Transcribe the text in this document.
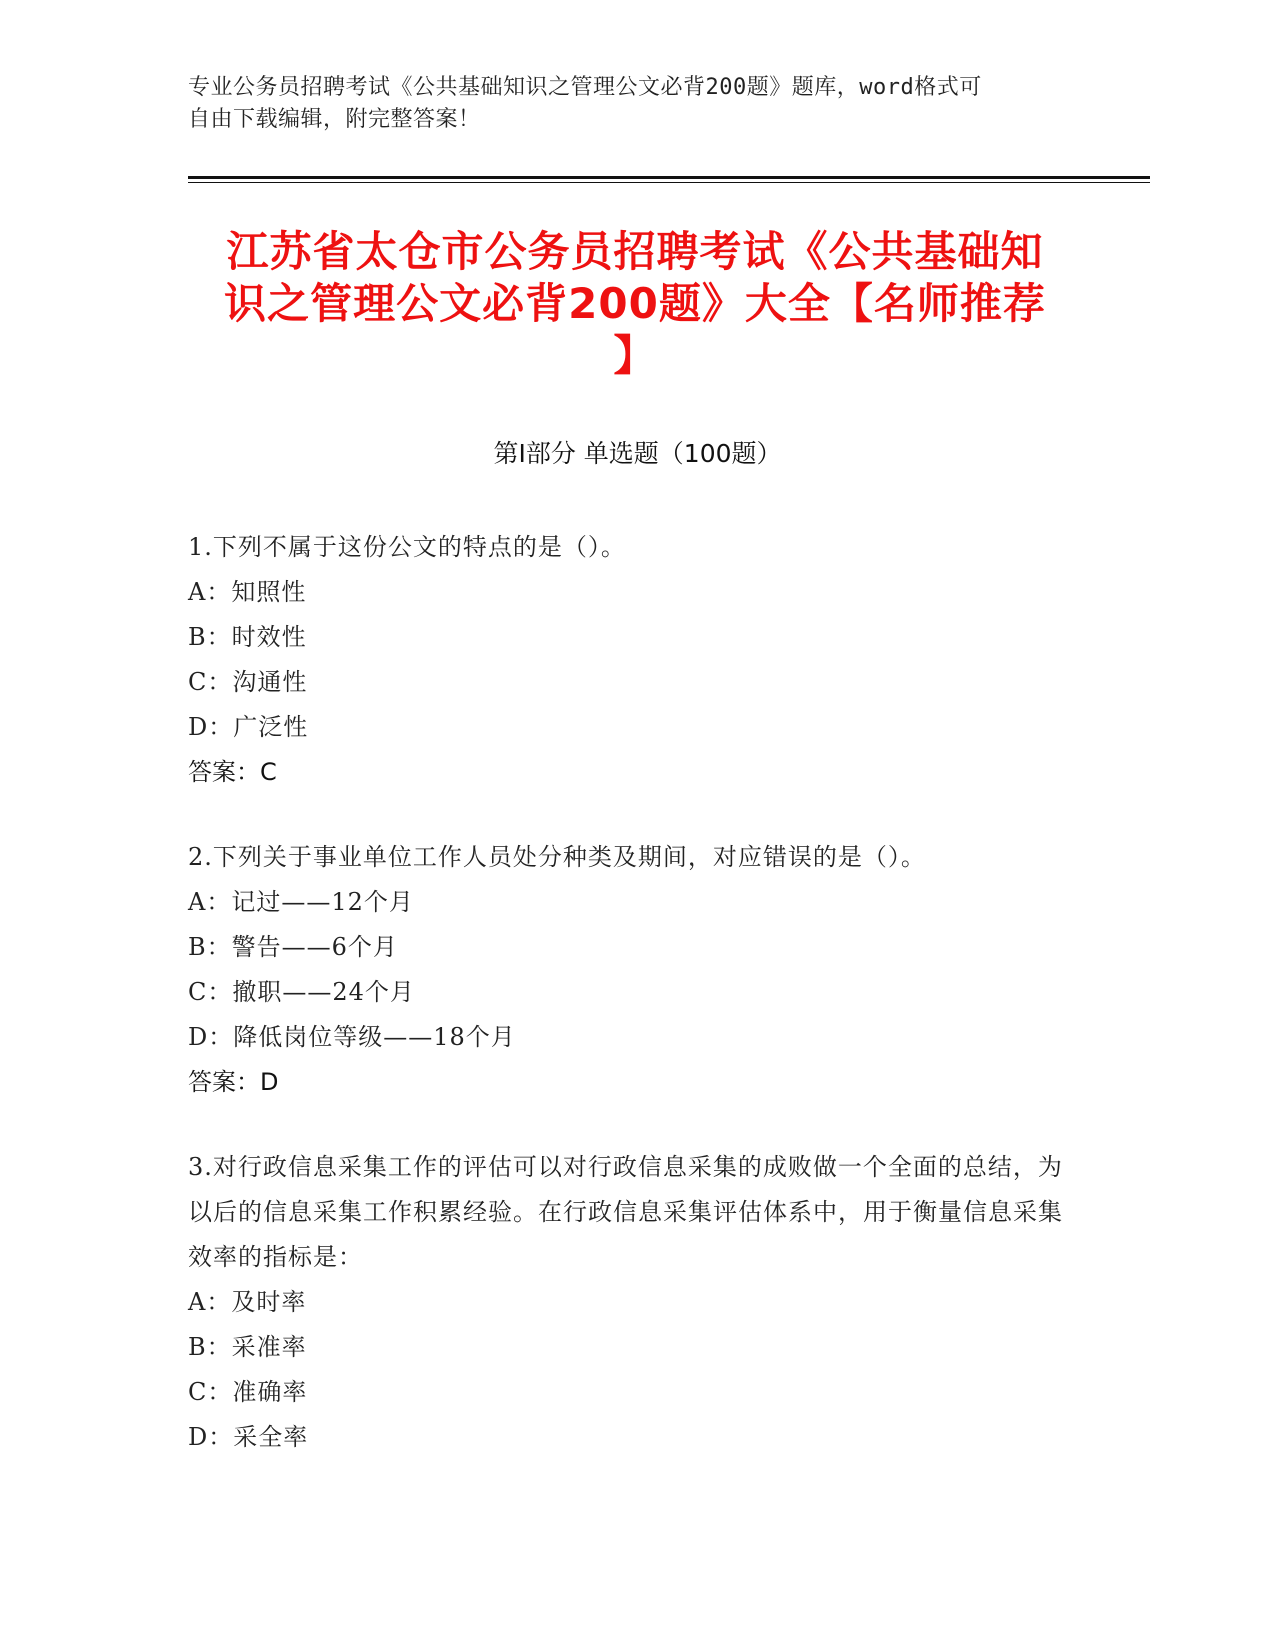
专业公务员招聘考试《公共基础知识之管理公文必背200题》题库，word格式可
自由下载编辑，附完整答案！
江苏省太仓市公务员招聘考试《公共基础知
识之管理公文必背200题》大全【名师推荐
】
第Ⅰ部分 单选题（100题）
1.下列不属于这份公文的特点的是（）。
A：知照性
B：时效性
C：沟通性
D：广泛性
答案：C
2.下列关于事业单位工作人员处分种类及期间，对应错误的是（）。
A：记过——12个月
B：警告——6个月
C：撤职——24个月
D：降低岗位等级——18个月
答案：D
3.对行政信息采集工作的评估可以对行政信息采集的成败做一个全面的总结，为以后的信息采集工作积累经验。在行政信息采集评估体系中，用于衡量信息采集效率的指标是：
A：及时率
B：采准率
C：准确率
D：采全率
